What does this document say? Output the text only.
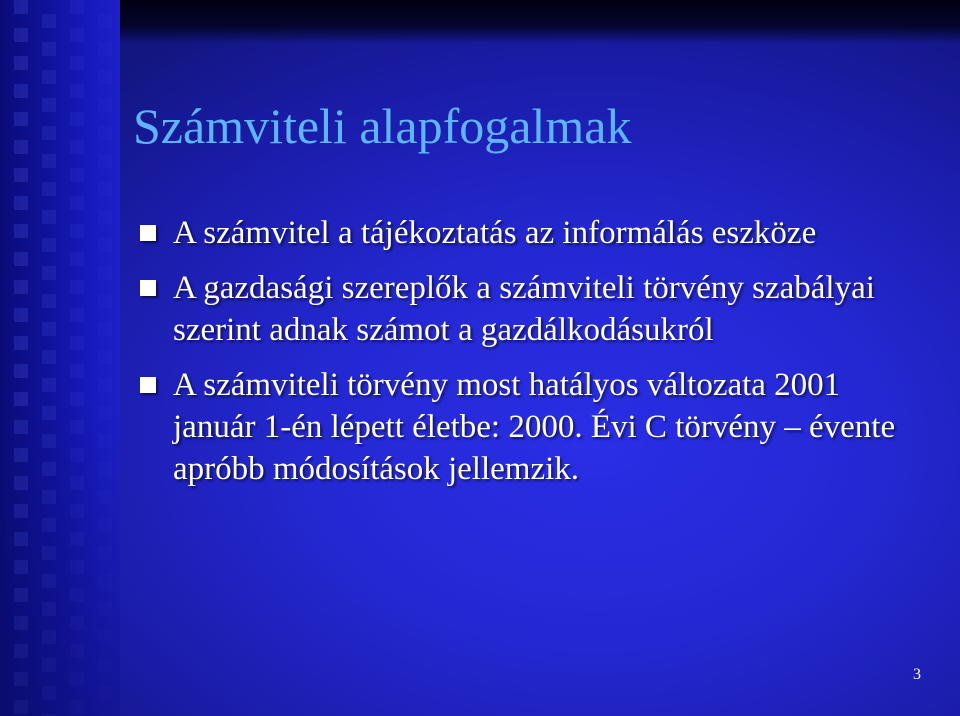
Számviteli alapfogalmak
A számvitel a tájékoztatás az informálás eszköze
A gazdasági szereplők a számviteli törvény szabályai szerint adnak számot a gazdálkodásukról
A számviteli törvény most hatályos változata 2001 január 1-én lépett életbe: 2000. Évi C törvény – évente apróbb módosítások jellemzik.
3
